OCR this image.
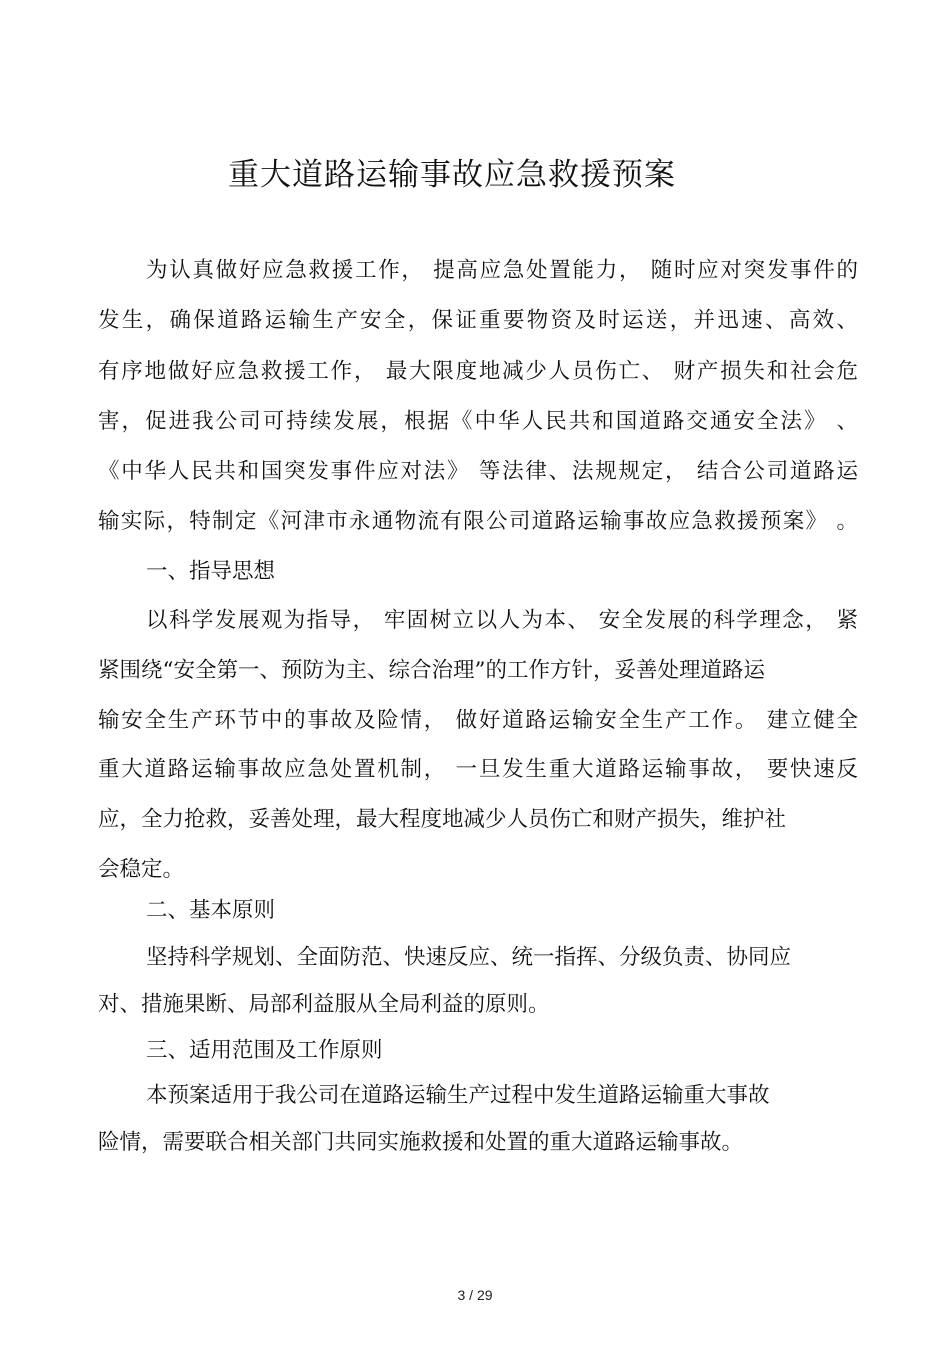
重大道路运输事故应急救援预案
为认真做好应急救援工作， 提高应急处置能力， 随时应对突发事件的
发生，确保道路运输生产安全，保证重要物资及时运送，并迅速、高效、
有序地做好应急救援工作， 最大限度地减少人员伤亡、 财产损失和社会危
害，促进我公司可持续发展，根据《中华人民共和国道路交通安全法》 、
《中华人民共和国突发事件应对法》 等法律、法规规定， 结合公司道路运
输实际，特制定《河津市永通物流有限公司道路运输事故应急救援预案》 。
一、指导思想
以科学发展观为指导， 牢固树立以人为本、 安全发展的科学理念， 紧
紧围绕“安全第一、预防为主、综合治理”的工作方针，妥善处理道路运
输安全生产环节中的事故及险情， 做好道路运输安全生产工作。 建立健全
重大道路运输事故应急处置机制， 一旦发生重大道路运输事故， 要快速反
应，全力抢救，妥善处理，最大程度地减少人员伤亡和财产损失，维护社
会稳定。
二、基本原则
坚持科学规划、全面防范、快速反应、统一指挥、分级负责、协同应
对、措施果断、局部利益服从全局利益的原则。
三、适用范围及工作原则
本预案适用于我公司在道路运输生产过程中发生道路运输重大事故
险情，需要联合相关部门共同实施救援和处置的重大道路运输事故。
3 / 29
